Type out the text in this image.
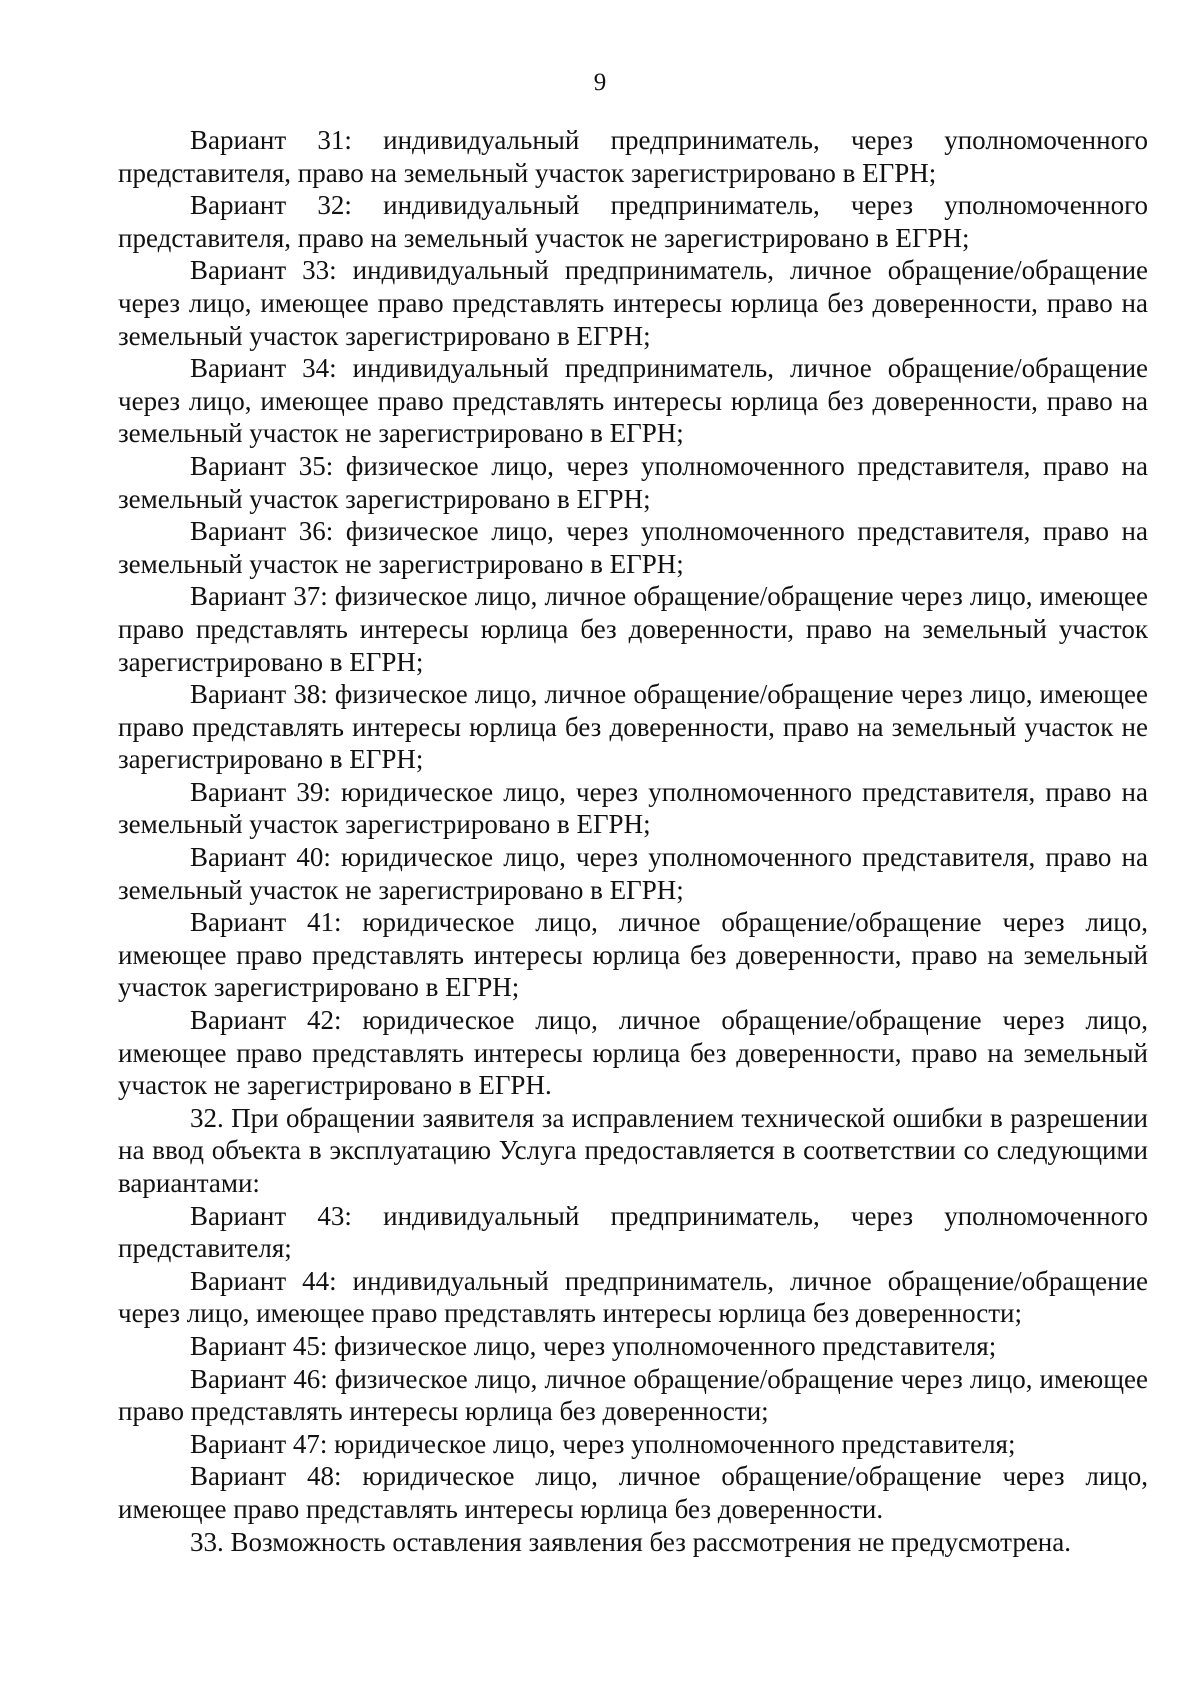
9

Вариант 31: индивидуальный предприниматель, через уполномоченного представителя, право на земельный участок зарегистрировано в ЕГРН;

Вариант 32: индивидуальный предприниматель, через уполномоченного представителя, право на земельный участок не зарегистрировано в ЕГРН;

Вариант 33: индивидуальный предприниматель, личное обращение/обращение через лицо, имеющее право представлять интересы юрлица без доверенности, право на земельный участок зарегистрировано в ЕГРН;

Вариант 34: индивидуальный предприниматель, личное обращение/обращение через лицо, имеющее право представлять интересы юрлица без доверенности, право на земельный участок не зарегистрировано в ЕГРН;

Вариант 35: физическое лицо, через уполномоченного представителя, право на земельный участок зарегистрировано в ЕГРН;

Вариант 36: физическое лицо, через уполномоченного представителя, право на земельный участок не зарегистрировано в ЕГРН;

Вариант 37: физическое лицо, личное обращение/обращение через лицо, имеющее право представлять интересы юрлица без доверенности, право на земельный участок зарегистрировано в ЕГРН;

Вариант 38: физическое лицо, личное обращение/обращение через лицо, имеющее право представлять интересы юрлица без доверенности, право на земельный участок не зарегистрировано в ЕГРН;

Вариант 39: юридическое лицо, через уполномоченного представителя, право на земельный участок зарегистрировано в ЕГРН;

Вариант 40: юридическое лицо, через уполномоченного представителя, право на земельный участок не зарегистрировано в ЕГРН;

Вариант 41: юридическое лицо, личное обращение/обращение через лицо, имеющее право представлять интересы юрлица без доверенности, право на земельный участок зарегистрировано в ЕГРН;

Вариант 42: юридическое лицо, личное обращение/обращение через лицо, имеющее право представлять интересы юрлица без доверенности, право на земельный участок не зарегистрировано в ЕГРН.

32. При обращении заявителя за исправлением технической ошибки в разрешении на ввод объекта в эксплуатацию Услуга предоставляется в соответствии со следующими вариантами:

Вариант 43: индивидуальный предприниматель, через уполномоченного представителя;

Вариант 44: индивидуальный предприниматель, личное обращение/обращение через лицо, имеющее право представлять интересы юрлица без доверенности;

Вариант 45: физическое лицо, через уполномоченного представителя;

Вариант 46: физическое лицо, личное обращение/обращение через лицо, имеющее право представлять интересы юрлица без доверенности;

Вариант 47: юридическое лицо, через уполномоченного представителя;

Вариант 48: юридическое лицо, личное обращение/обращение через лицо, имеющее право представлять интересы юрлица без доверенности.

33. Возможность оставления заявления без рассмотрения не предусмотрена.
